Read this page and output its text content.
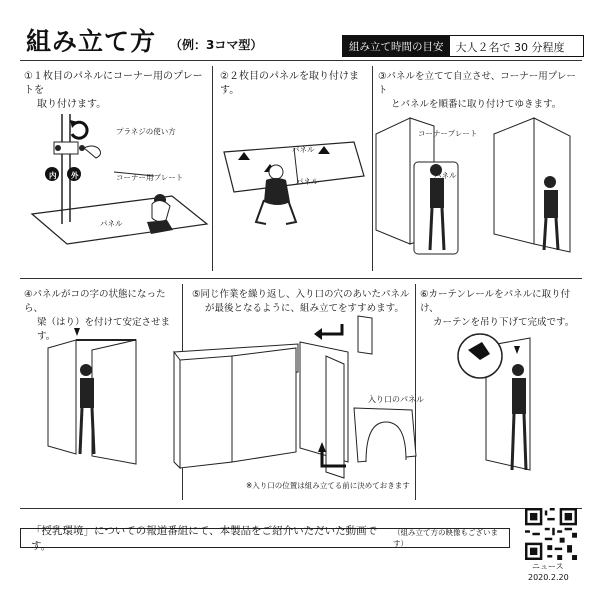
組み立て方 （例：3コマ型）	組み立て時間の目安	大人２名で 30 分程度
①１枚目のパネルにコーナー用のプレートを
取り付けます。
②２枚目のパネルを取り付けます。
③パネルを立てて自立させ、コーナー用プレート
とパネルを順番に取り付けてゆきます。
④パネルがコの字の状態になったら、
梁（はり）を付けて安定させます。
⑤同じ作業を繰り返し、入り口の穴のあいたパネル
が最後となるように、組み立てをすすめます。
⑥カーテンレールをパネルに取り付け、
カーテンを吊り下げて完成です。
プラネジの使い方
内 外	コーナー用プレート
パネル
パネル
パネル
コーナープレート
パネル
入り口のパネル
※入り口の位置は組み立てる前に決めておきます
「授乳環境」についての報道番組にて、本製品をご紹介いただいた動画です。
（組み立て方の映像もございます）
ニュース
2020.2.20
